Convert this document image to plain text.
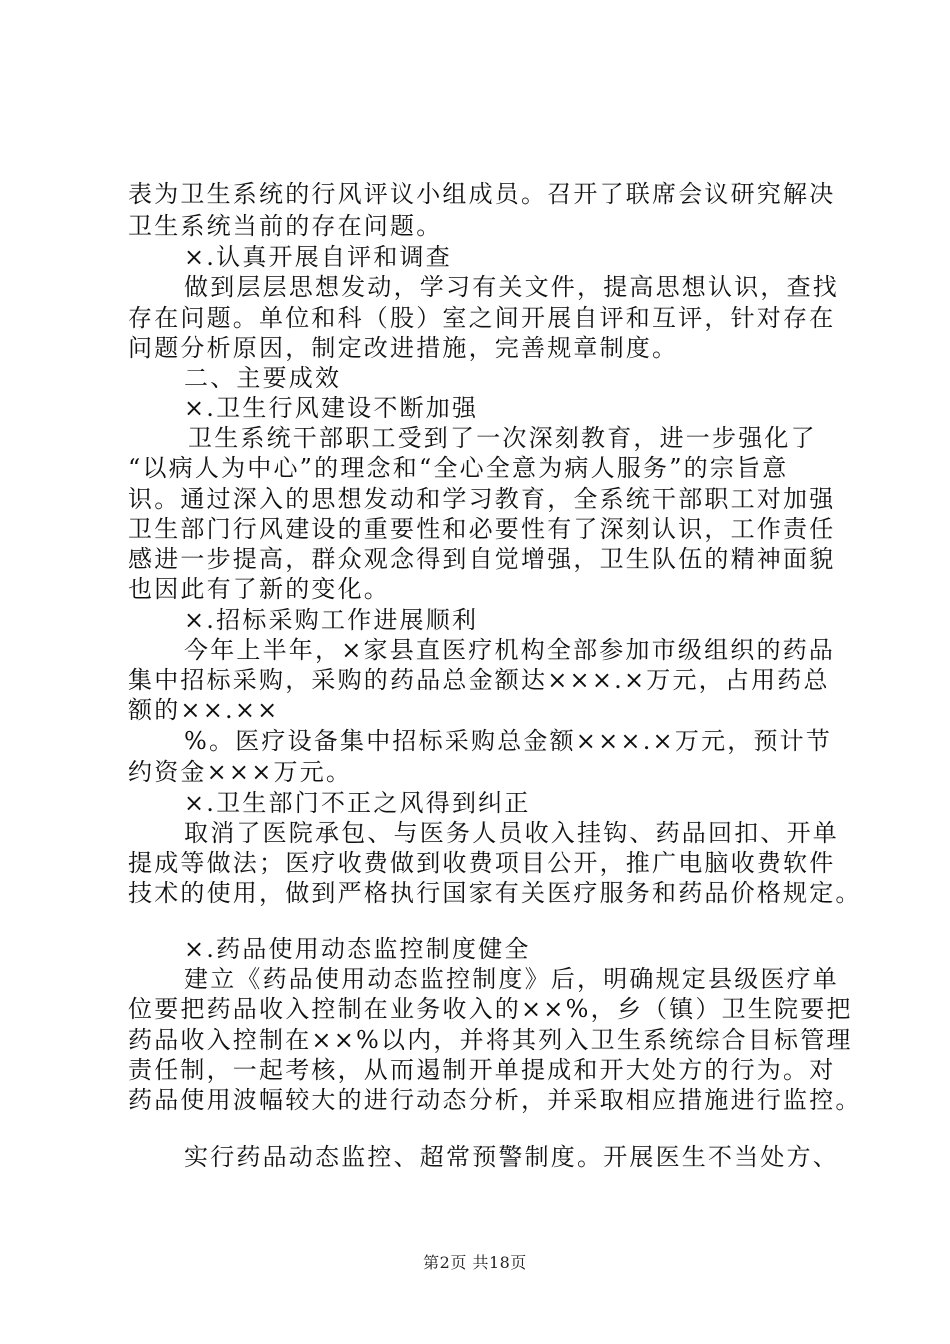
表为卫生系统的行风评议小组成员。召开了联席会议研究解决
卫生系统当前的存在问题。
×.认真开展自评和调查
做到层层思想发动，学习有关文件，提高思想认识，查找
存在问题。单位和科（股）室之间开展自评和互评，针对存在
问题分析原因，制定改进措施，完善规章制度。
二、主要成效
×.卫生行风建设不断加强
卫生系统干部职工受到了一次深刻教育，进一步强化了
“以病人为中心”的理念和“全心全意为病人服务”的宗旨意
识。通过深入的思想发动和学习教育，全系统干部职工对加强
卫生部门行风建设的重要性和必要性有了深刻认识，工作责任
感进一步提高，群众观念得到自觉增强，卫生队伍的精神面貌
也因此有了新的变化。
×.招标采购工作进展顺利
今年上半年，×家县直医疗机构全部参加市级组织的药品
集中招标采购，采购的药品总金额达×××.×万元，占用药总
额的××.××
%。医疗设备集中招标采购总金额×××.×万元，预计节
约资金×××万元。
×.卫生部门不正之风得到纠正
取消了医院承包、与医务人员收入挂钩、药品回扣、开单
提成等做法；医疗收费做到收费项目公开，推广电脑收费软件
技术的使用，做到严格执行国家有关医疗服务和药品价格规定。
×.药品使用动态监控制度健全
建立《药品使用动态监控制度》后，明确规定县级医疗单
位要把药品收入控制在业务收入的××%，乡（镇）卫生院要把
药品收入控制在××%以内，并将其列入卫生系统综合目标管理
责任制，一起考核，从而遏制开单提成和开大处方的行为。对
药品使用波幅较大的进行动态分析，并采取相应措施进行监控。
实行药品动态监控、超常预警制度。开展医生不当处方、
第2页 共18页
